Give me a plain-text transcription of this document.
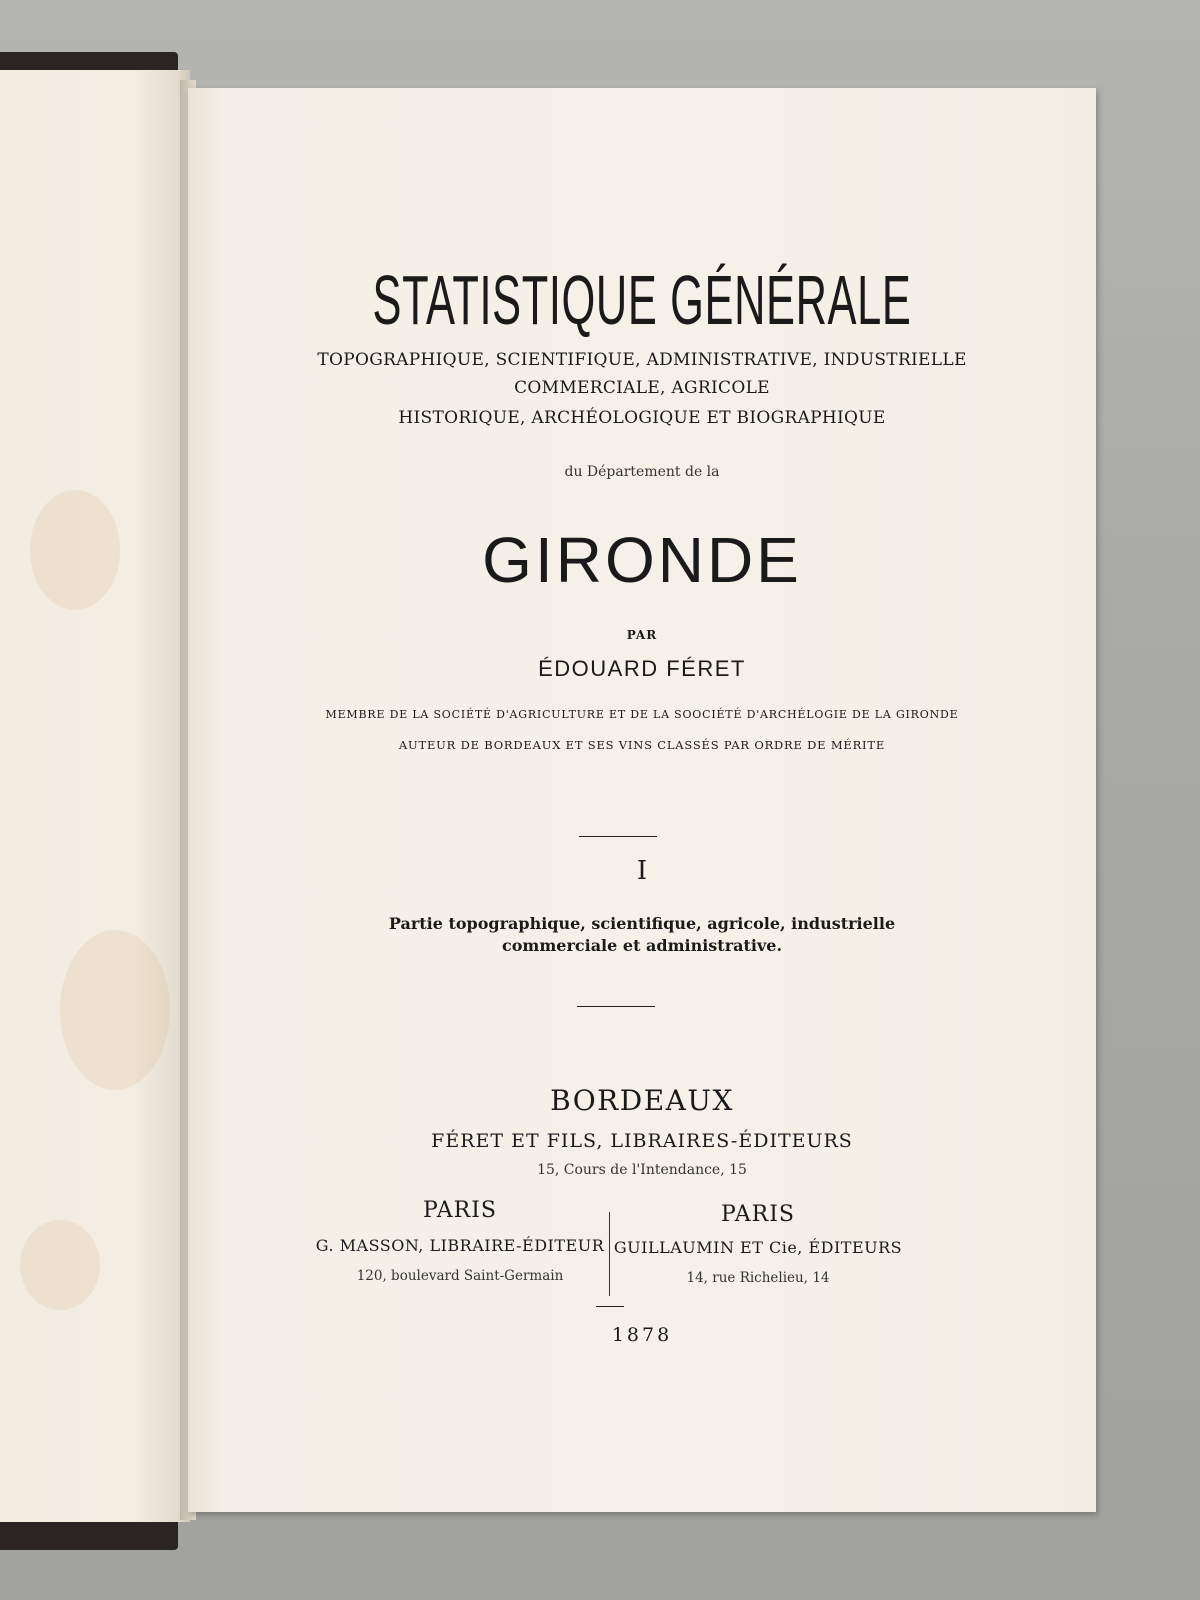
STATISTIQUE GÉNÉRALE
TOPOGRAPHIQUE, SCIENTIFIQUE, ADMINISTRATIVE, INDUSTRIELLE
COMMERCIALE, AGRICOLE
HISTORIQUE, ARCHÉOLOGIQUE ET BIOGRAPHIQUE
du Département de la
GIRONDE
PAR
ÉDOUARD FÉRET
MEMBRE DE LA SOCIÉTÉ D'AGRICULTURE ET DE LA SOOCIÉTÉ D'ARCHÉLOGIE DE LA GIRONDE
AUTEUR DE BORDEAUX ET SES VINS CLASSÉS PAR ORDRE DE MÉRITE
I
Partie topographique, scientifique, agricole, industrielle
commerciale et administrative.
BORDEAUX
FÉRET ET FILS, LIBRAIRES-ÉDITEURS
15, Cours de l'Intendance, 15
PARIS
G. MASSON, LIBRAIRE-ÉDITEUR
120, boulevard Saint-Germain
PARIS
GUILLAUMIN ET Cie, ÉDITEURS
14, rue Richelieu, 14
1878
